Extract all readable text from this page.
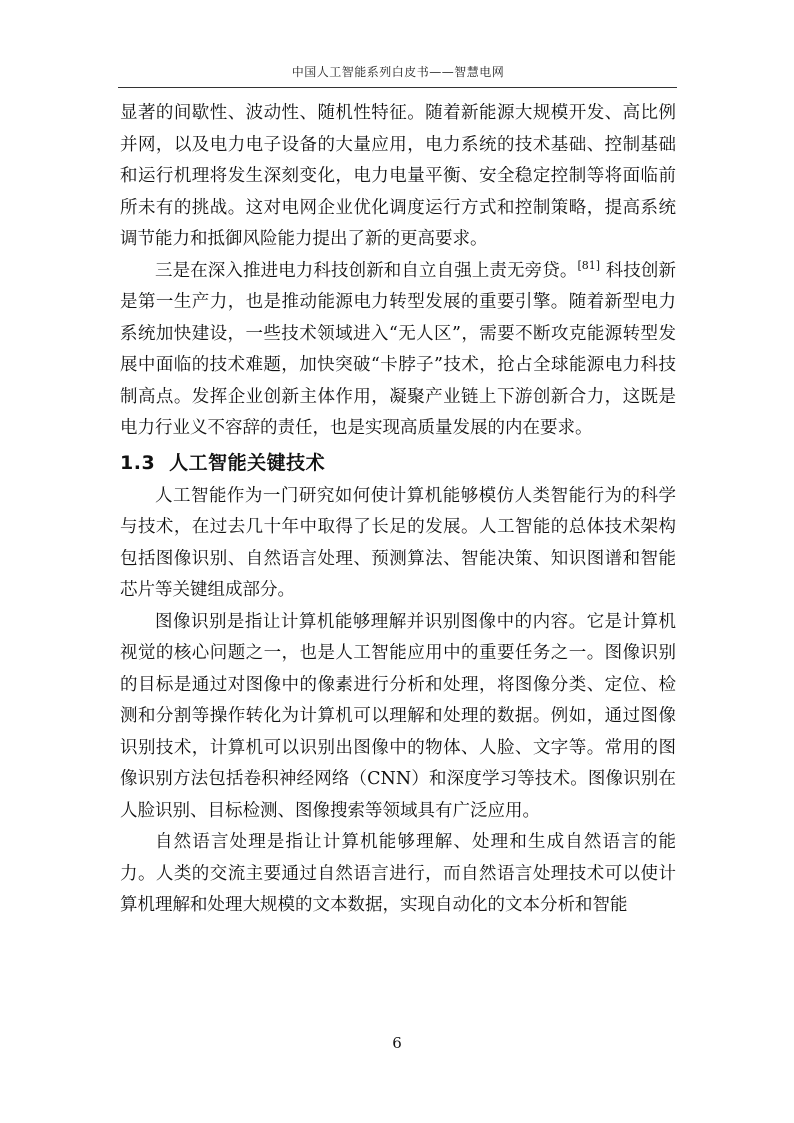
中国人工智能系列白皮书——智慧电网

显著的间歇性、波动性、随机性特征。随着新能源大规模开发、高比例并网，以及电力电子设备的大量应用，电力系统的技术基础、控制基础和运行机理将发生深刻变化，电力电量平衡、安全稳定控制等将面临前所未有的挑战。这对电网企业优化调度运行方式和控制策略，提高系统调节能力和抵御风险能力提出了新的更高要求。

三是在深入推进电力科技创新和自立自强上责无旁贷。[81] 科技创新是第一生产力，也是推动能源电力转型发展的重要引擎。随着新型电力系统加快建设，一些技术领域进入“无人区”，需要不断攻克能源转型发展中面临的技术难题，加快突破“卡脖子”技术，抢占全球能源电力科技制高点。发挥企业创新主体作用，凝聚产业链上下游创新合力，这既是电力行业义不容辞的责任，也是实现高质量发展的内在要求。

1.3 人工智能关键技术

人工智能作为一门研究如何使计算机能够模仿人类智能行为的科学与技术，在过去几十年中取得了长足的发展。人工智能的总体技术架构包括图像识别、自然语言处理、预测算法、智能决策、知识图谱和智能芯片等关键组成部分。

图像识别是指让计算机能够理解并识别图像中的内容。它是计算机视觉的核心问题之一，也是人工智能应用中的重要任务之一。图像识别的目标是通过对图像中的像素进行分析和处理，将图像分类、定位、检测和分割等操作转化为计算机可以理解和处理的数据。例如，通过图像识别技术，计算机可以识别出图像中的物体、人脸、文字等。常用的图像识别方法包括卷积神经网络（CNN）和深度学习等技术。图像识别在人脸识别、目标检测、图像搜索等领域具有广泛应用。

自然语言处理是指让计算机能够理解、处理和生成自然语言的能力。人类的交流主要通过自然语言进行，而自然语言处理技术可以使计算机理解和处理大规模的文本数据，实现自动化的文本分析和智能

6
